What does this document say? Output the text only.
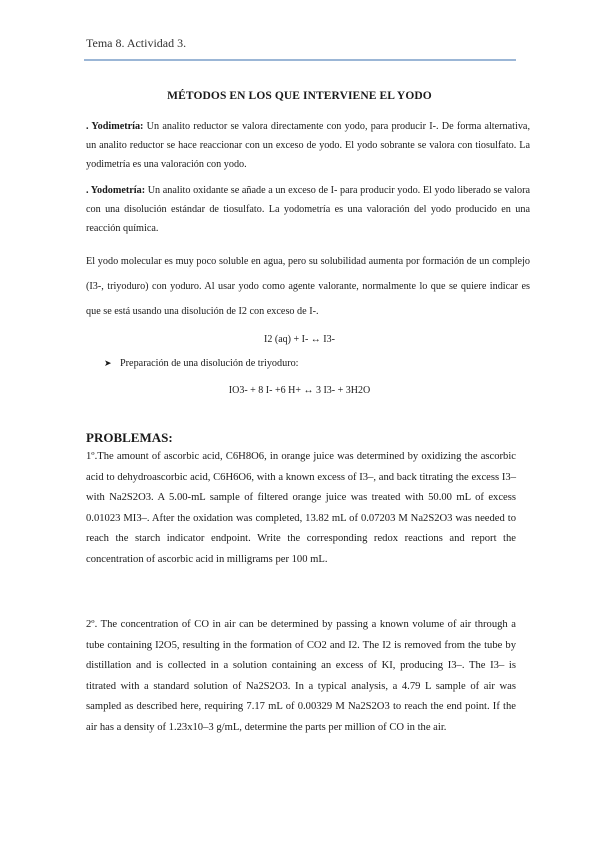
Tema 8. Actividad 3.
MÉTODOS EN LOS QUE INTERVIENE EL YODO
. Yodimetría: Un analito reductor se valora directamente con yodo, para producir I-. De forma alternativa, un analito reductor se hace reaccionar con un exceso de yodo. El yodo sobrante se valora con tiosulfato. La yodimetría es una valoración con yodo.
. Yodometría: Un analito oxidante se añade a un exceso de I- para producir yodo. El yodo liberado se valora con una disolución estándar de tiosulfato. La yodometría es una valoración del yodo producido en una reacción química.
El yodo molecular es muy poco soluble en agua, pero su solubilidad aumenta por formación de un complejo (I3-, triyoduro) con yoduro. Al usar yodo como agente valorante, normalmente lo que se quiere indicar es que se está usando una disolución de I2 con exceso de I-.
I2 (aq) + I- ↔ I3-
➤ Preparación de una disolución de triyoduro:
IO3- + 8 I- +6 H+ ↔ 3 I3- + 3H2O
PROBLEMAS:
1º.The amount of ascorbic acid, C6H8O6, in orange juice was determined by oxidizing the ascorbic acid to dehydroascorbic acid, C6H6O6, with a known excess of I3–, and back titrating the excess I3– with Na2S2O3. A 5.00-mL sample of filtered orange juice was treated with 50.00 mL of excess 0.01023 MI3–. After the oxidation was completed, 13.82 mL of 0.07203 M Na2S2O3 was needed to reach the starch indicator endpoint. Write the corresponding redox reactions and report the concentration of ascorbic acid in milligrams per 100 mL.
2º. The concentration of CO in air can be determined by passing a known volume of air through a tube containing I2O5, resulting in the formation of CO2 and I2. The I2 is removed from the tube by distillation and is collected in a solution containing an excess of KI, producing I3–. The I3– is titrated with a standard solution of Na2S2O3. In a typical analysis, a 4.79 L sample of air was sampled as described here, requiring 7.17 mL of 0.00329 M Na2S2O3 to reach the end point. If the air has a density of 1.23x10–3 g/mL, determine the parts per million of CO in the air.
